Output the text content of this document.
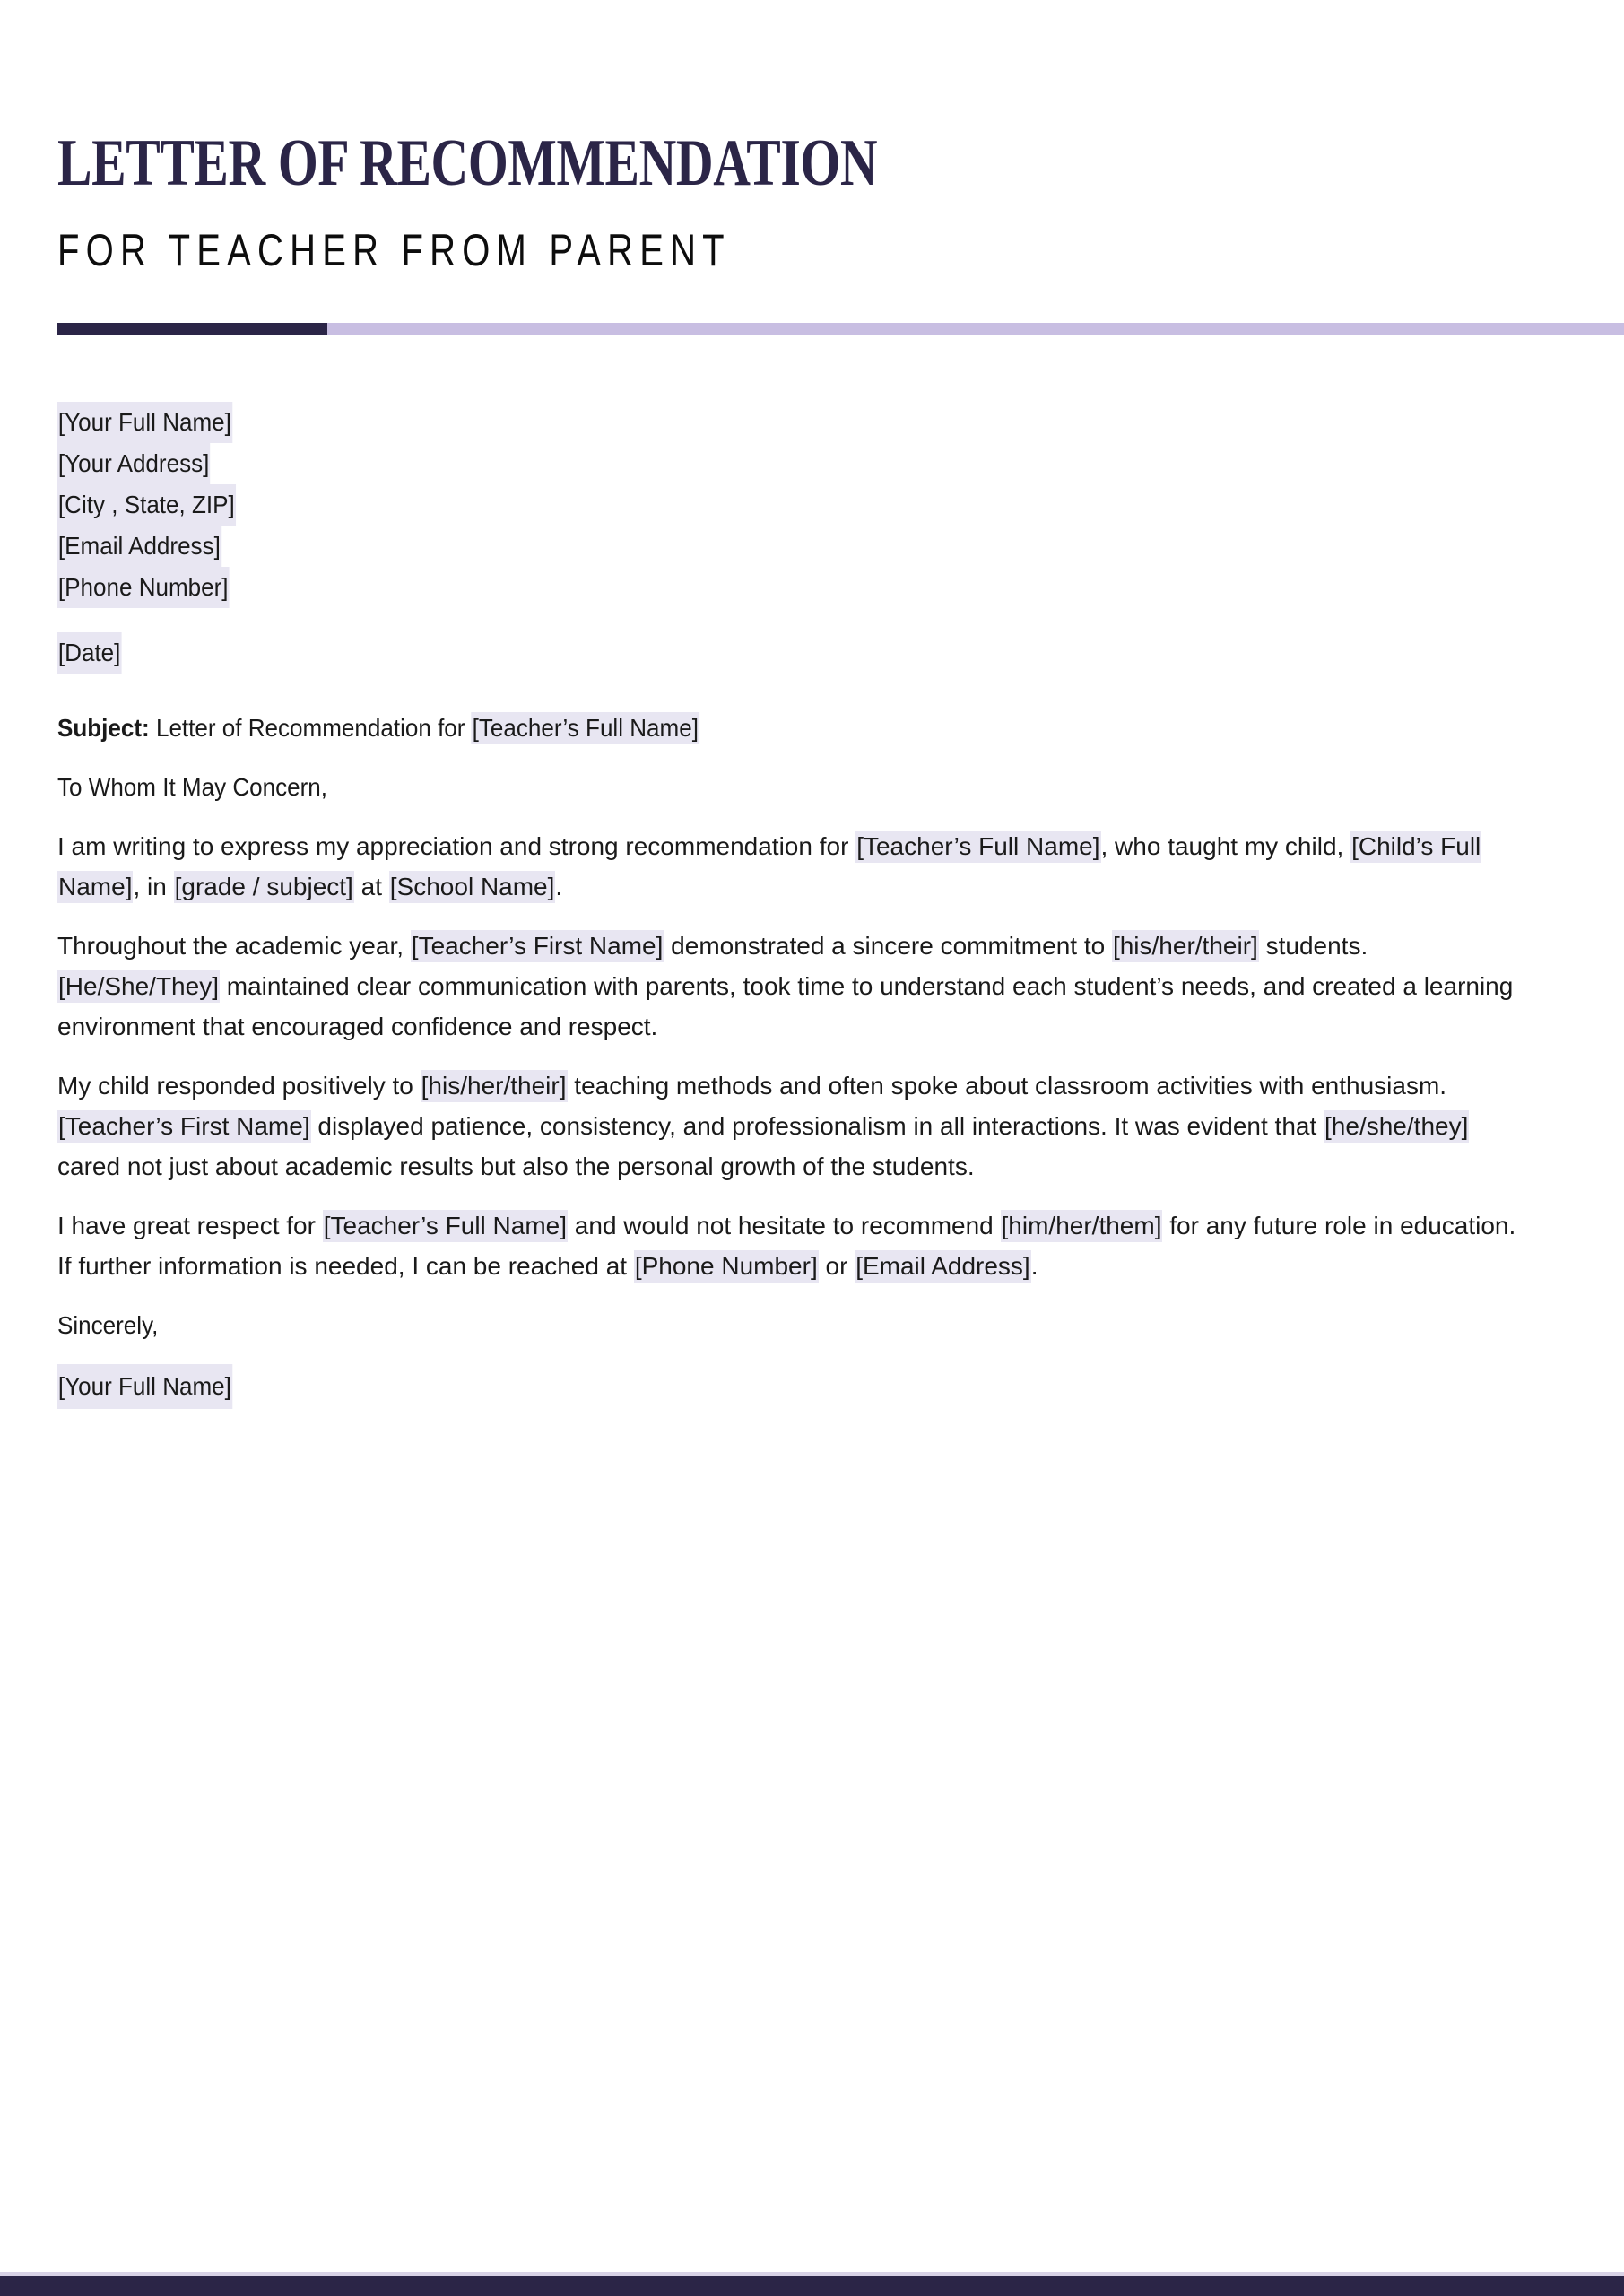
LETTER OF RECOMMENDATION
FOR TEACHER FROM PARENT

[Your Full Name]

[Your Address]

[City , State, ZIP]

[Email Address]

[Phone Number]

[Date]

Subject: Letter of Recommendation for [Teacher’s Full Name]

To Whom It May Concern,

I am writing to express my appreciation and strong recommendation for [Teacher’s Full Name], who taught my child, [Child’s Full Name], in [grade / subject] at [School Name].

Throughout the academic year, [Teacher’s First Name] demonstrated a sincere commitment to [his/her/their] students. [He/She/They] maintained clear communication with parents, took time to understand each student’s needs, and created a learning environment that encouraged confidence and respect.

My child responded positively to [his/her/their] teaching methods and often spoke about classroom activities with enthusiasm. [Teacher’s First Name] displayed patience, consistency, and professionalism in all interactions. It was evident that [he/she/they] cared not just about academic results but also the personal growth of the students.

I have great respect for [Teacher’s Full Name] and would not hesitate to recommend [him/her/them] for any future role in education. If further information is needed, I can be reached at [Phone Number] or [Email Address].

Sincerely,

[Your Full Name]
